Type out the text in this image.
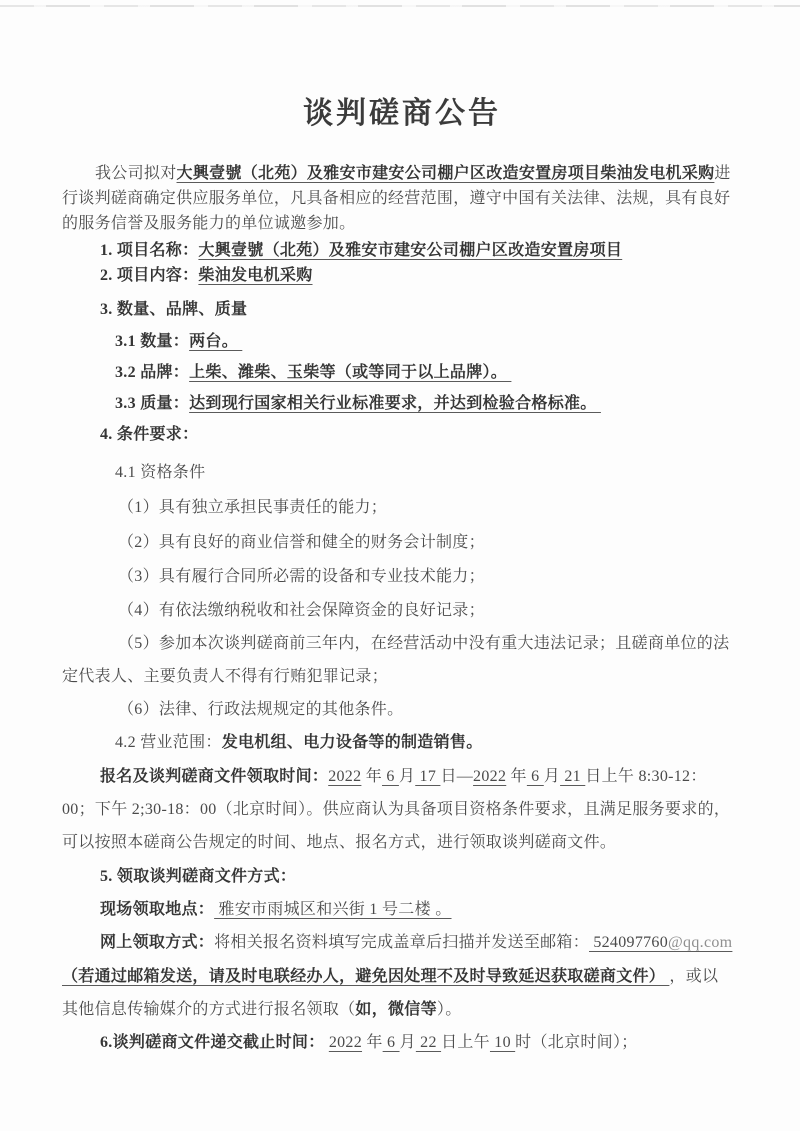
谈判磋商公告
我公司拟对大興壹號（北苑）及雅安市建安公司棚户区改造安置房项目柴油发电机采购进
行谈判磋商确定供应服务单位，凡具备相应的经营范围，遵守中国有关法律、法规，具有良好
的服务信誉及服务能力的单位诚邀参加。
1. 项目名称：大興壹號（北苑）及雅安市建安公司棚户区改造安置房项目
2. 项目内容：柴油发电机采购
3. 数量、品牌、质量
3.1 数量：两台。
3.2 品牌：上柴、潍柴、玉柴等（或等同于以上品牌）。
3.3 质量：达到现行国家相关行业标准要求，并达到检验合格标准。
4. 条件要求：
4.1 资格条件
（1）具有独立承担民事责任的能力；
（2）具有良好的商业信誉和健全的财务会计制度；
（3）具有履行合同所必需的设备和专业技术能力；
（4）有依法缴纳税收和社会保障资金的良好记录；
（5）参加本次谈判磋商前三年内，在经营活动中没有重大违法记录；且磋商单位的法
定代表人、主要负责人不得有行贿犯罪记录；
（6）法律、行政法规规定的其他条件。
4.2 营业范围：发电机组、电力设备等的制造销售。
报名及谈判磋商文件领取时间：2022 年 6 月 17 日—2022 年 6 月 21 日上午 8:30-12：
00；下午 2;30-18：00（北京时间）。供应商认为具备项目资格条件要求，且满足服务要求的，
可以按照本磋商公告规定的时间、地点、报名方式，进行领取谈判磋商文件。
5. 领取谈判磋商文件方式：
现场领取地点： 雅安市雨城区和兴街 1 号二楼 。
网上领取方式：将相关报名资料填写完成盖章后扫描并发送至邮箱： 524097760@qq.com
（若通过邮箱发送，请及时电联经办人，避免因处理不及时导致延迟获取磋商文件） ，或以
其他信息传输媒介的方式进行报名领取（如，微信等）。
6.谈判磋商文件递交截止时间： 2022 年 6 月 22 日上午 10 时（北京时间）；
